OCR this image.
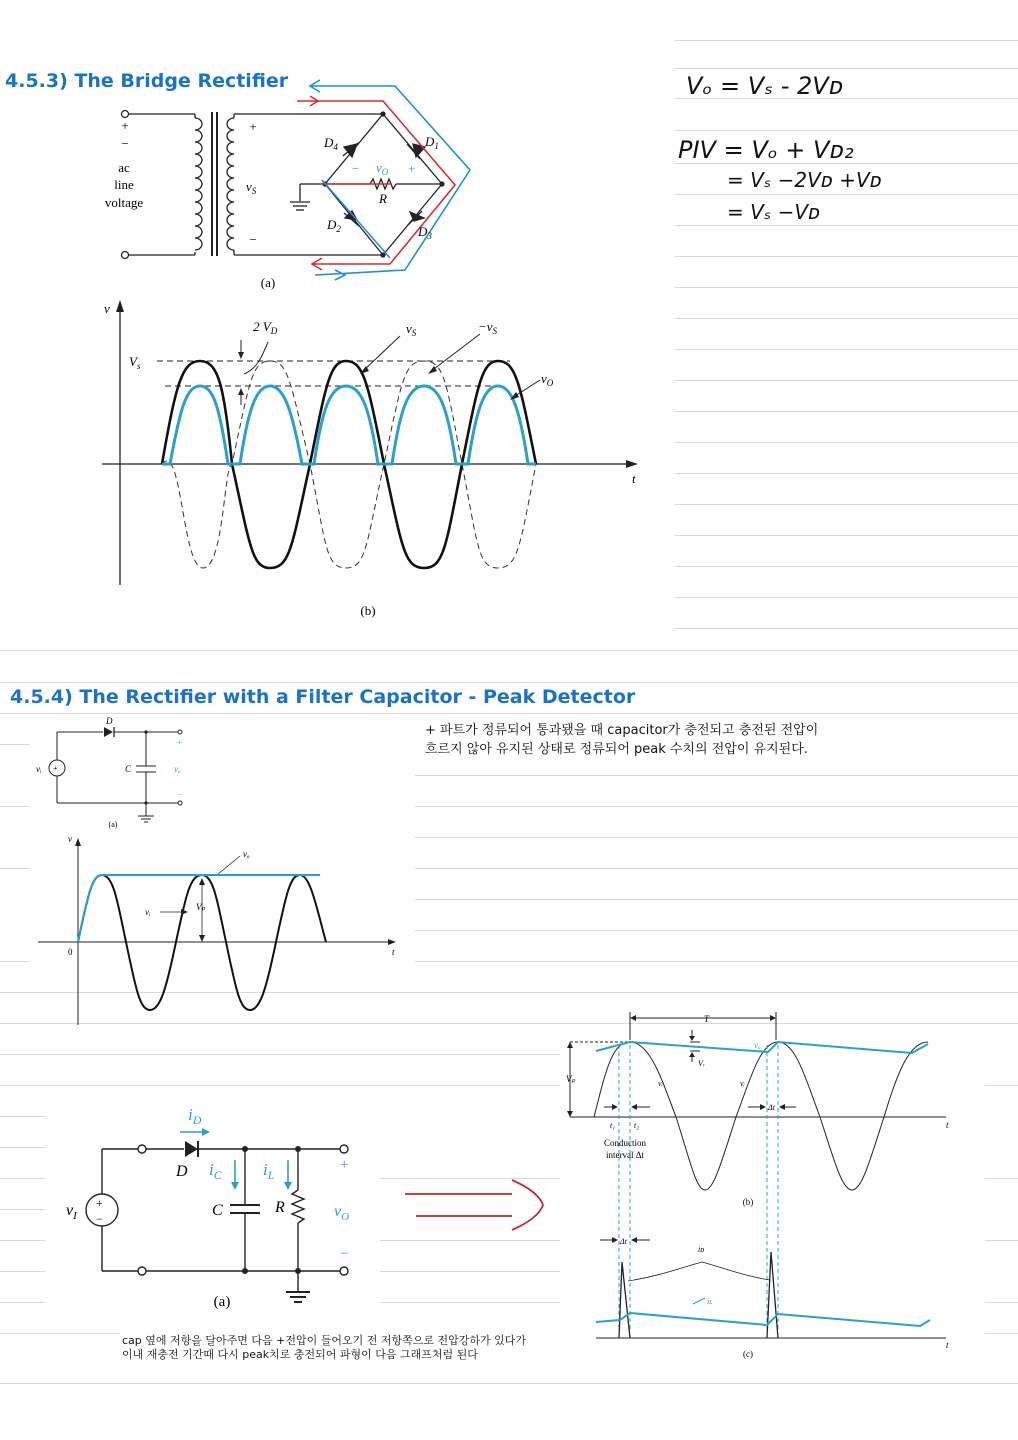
4.5.3) The Bridge Rectifier
+
−
ac
line
voltage
+
−
$v_S$
$D_4$	$D_1$
$D_2$	$D_3$
− $v_O$ +
R
(a)
v
t
$V_s$
2 $V_D$	$v_S$	$-v_S$
$v_O$
(b)
Vₒ = Vₛ - 2Vᴅ
PIV = Vₒ + Vᴅ₂
= Vₛ −2Vᴅ +Vᴅ
= Vₛ −Vᴅ
4.5.4) The Rectifier with a Filter Capacitor - Peak Detector
+ 파트가 정류되어 통과됐을 때 capacitor가 충전되고 충전된 전압이
흐르지 않아 유지된 상태로 정류되어 peak 수치의 전압이 유지된다.
+
D
vᵢ	C
+
−
vₒ
(a)
v
t
0
vₒ
vᵢ	Vₚ
+
−
$i_D$
D $i_C$ $i_L$
$v_I$	C	R	$v_O$
+
−
(a)
cap 옆에 저항을 달아주면 다음 +전압이 들어오기 전 저항쪽으로 전압강하가 있다가
이내 재충전 기간때 다시 peak치로 충전되어 파형이 다음 그래프처럼 된다
T
vₒ
Vᵣ
Vₚ	vᵢ	vᵢ
Δt
t₁ t₂
Conduction
interval Δt
t
(b)
Δt
iᴅ
iʟ
t
(c)
